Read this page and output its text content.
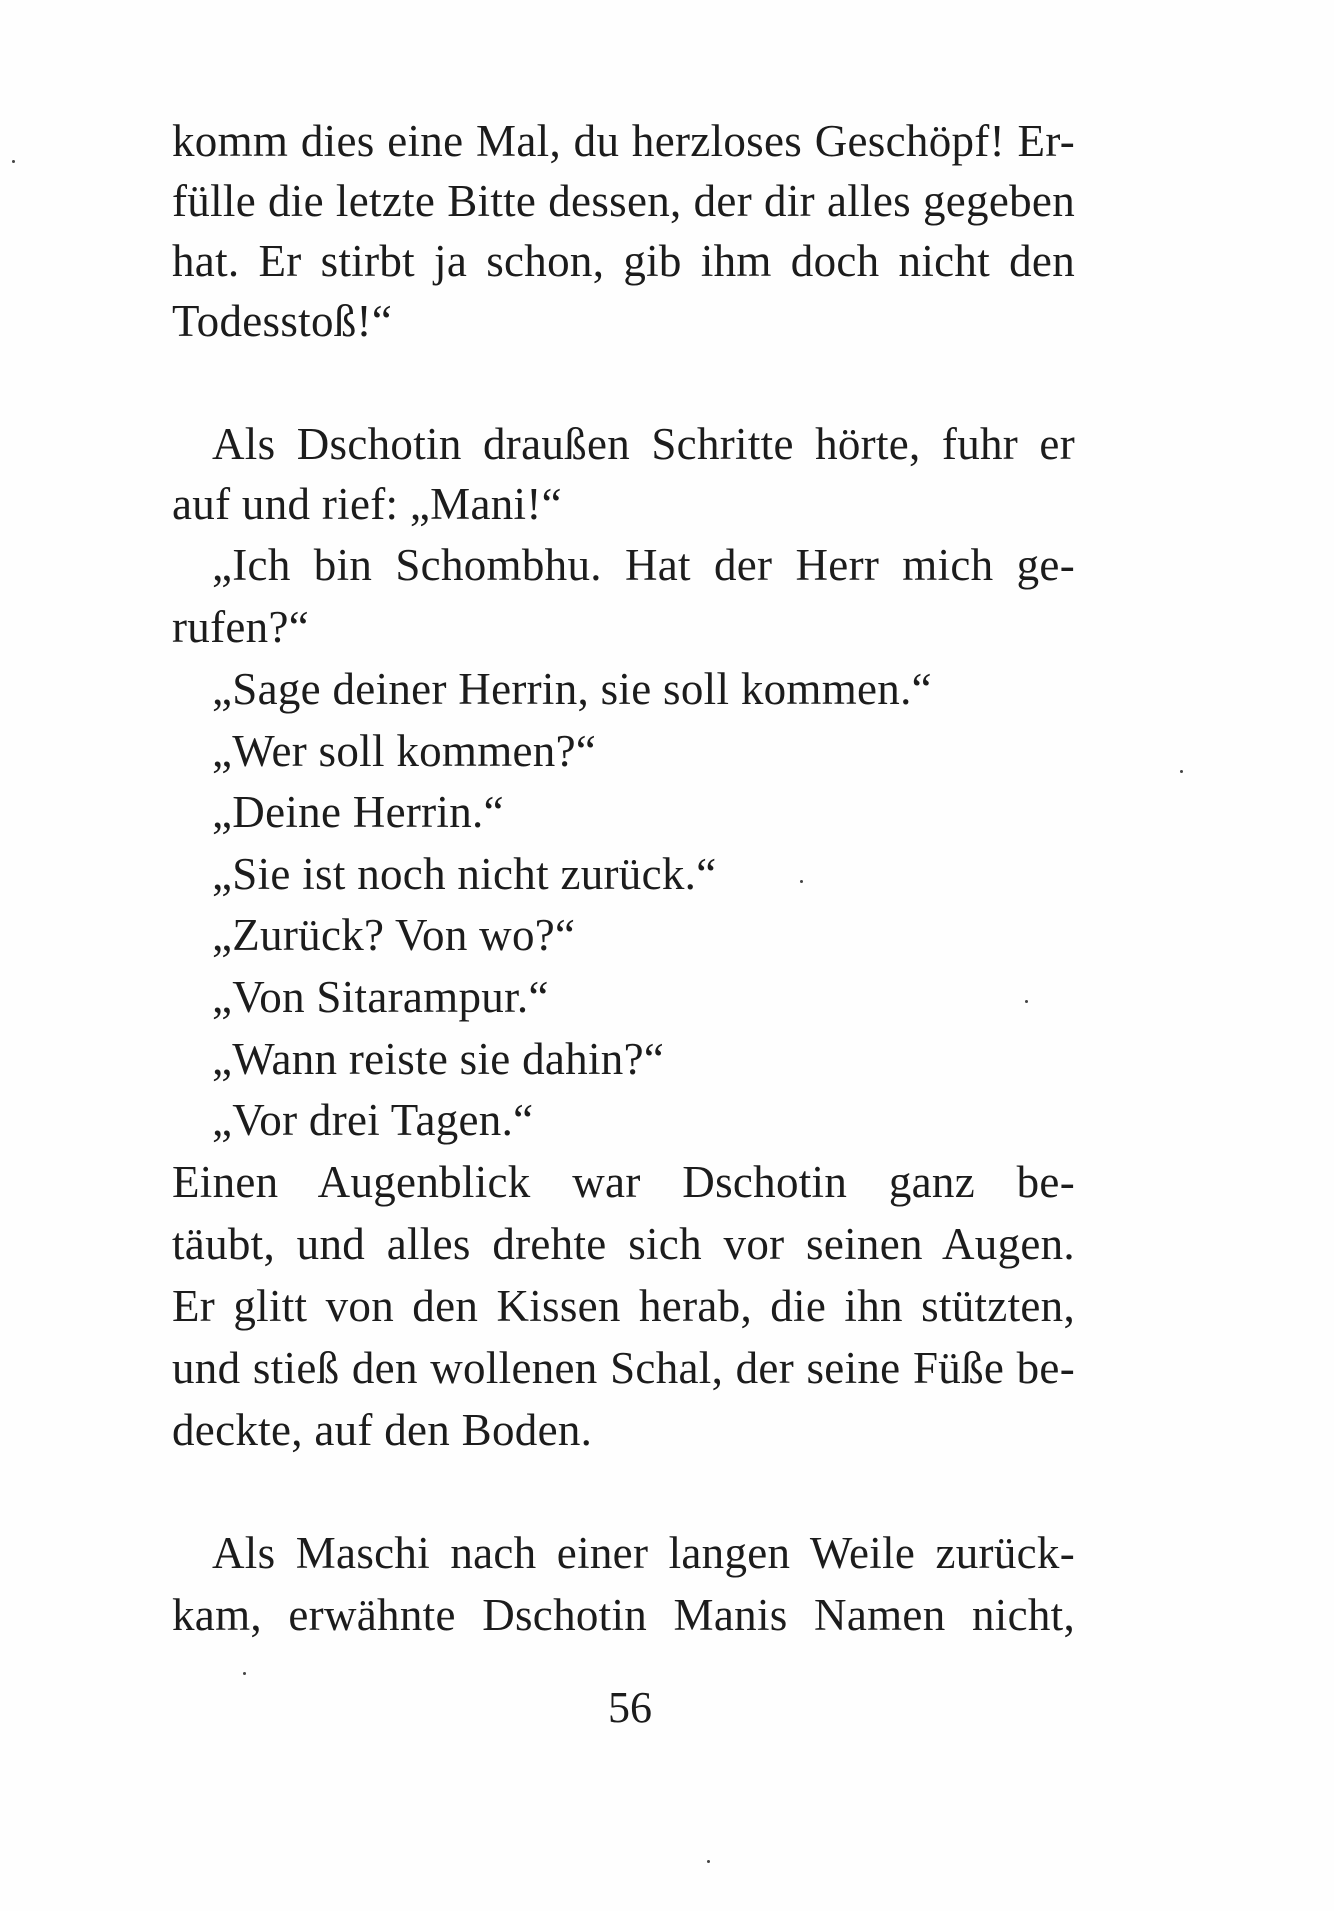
komm dies eine Mal, du herzloses Geschöpf! Er-
fülle die letzte Bitte dessen, der dir alles gegeben
hat. Er stirbt ja schon, gib ihm doch nicht den
Todesstoß!“
Als Dschotin draußen Schritte hörte, fuhr er
auf und rief: „Mani!“
„Ich bin Schombhu. Hat der Herr mich ge-
rufen?“
„Sage deiner Herrin, sie soll kommen.“
„Wer soll kommen?“
„Deine Herrin.“
„Sie ist noch nicht zurück.“
„Zurück? Von wo?“
„Von Sitarampur.“
„Wann reiste sie dahin?“
„Vor drei Tagen.“
Einen Augenblick war Dschotin ganz be-
täubt, und alles drehte sich vor seinen Augen.
Er glitt von den Kissen herab, die ihn stützten,
und stieß den wollenen Schal, der seine Füße be-
deckte, auf den Boden.
Als Maschi nach einer langen Weile zurück-
kam, erwähnte Dschotin Manis Namen nicht,
56
